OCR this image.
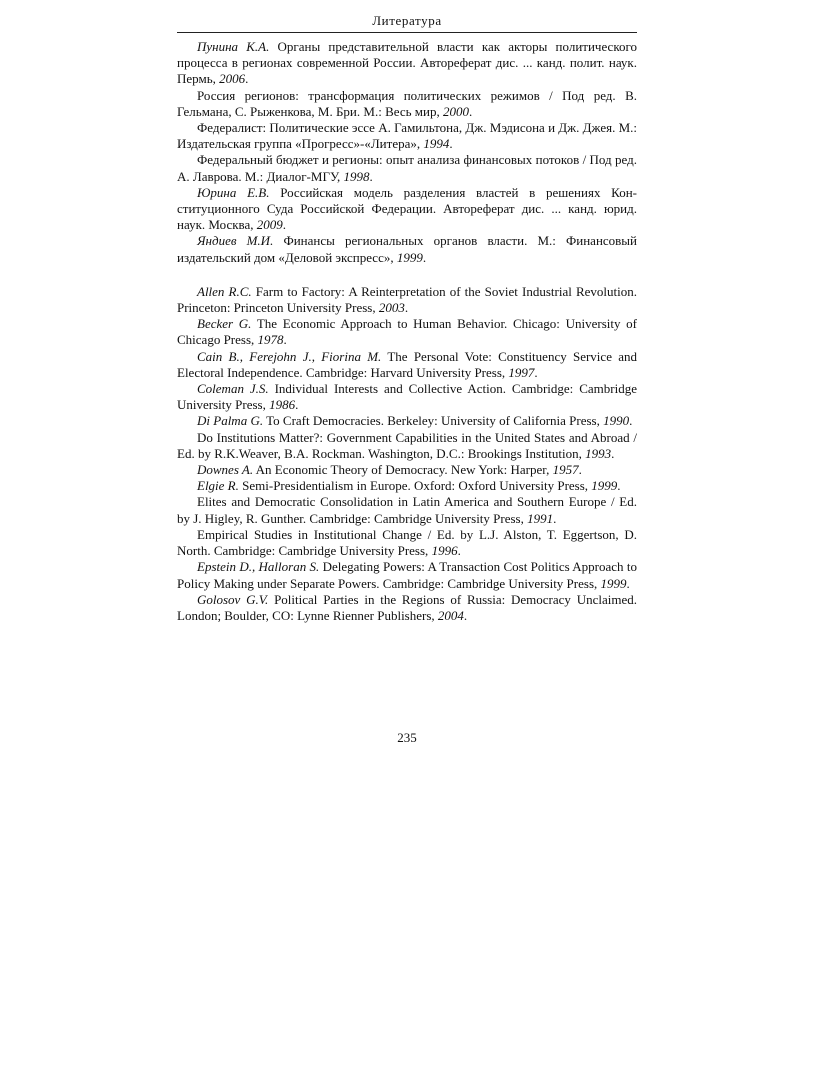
Литература

Пунина К.А. Органы представительной власти как акторы политического процесса в регионах современной России. Автореферат дис. ... канд. полит. наук. Пермь, 2006.

Россия регионов: трансформация политических режимов / Под ред. В. Гельмана, С. Рыженкова, М. Бри. М.: Весь мир, 2000.

Федералист: Политические эссе А. Гамильтона, Дж. Мэдисона и Дж. Джея. М.: Издательская группа «Прогресс»-«Литера», 1994.

Федеральный бюджет и регионы: опыт анализа финансовых потоков / Под ред. А. Лаврова. М.: Диалог-МГУ, 1998.

Юрина Е.В. Российская модель разделения властей в решениях Конституционного Суда Российской Федерации. Автореферат дис. ... канд. юрид. наук. Москва, 2009.

Яндиев М.И. Финансы региональных органов власти. М.: Финансовый издательский дом «Деловой экспресс», 1999.

Allen R.C. Farm to Factory: A Reinterpretation of the Soviet Industrial Revolution. Princeton: Princeton University Press, 2003.

Becker G. The Economic Approach to Human Behavior. Chicago: University of Chicago Press, 1978.

Cain B., Ferejohn J., Fiorina M. The Personal Vote: Constituency Service and Electoral Independence. Cambridge: Harvard University Press, 1997.

Coleman J.S. Individual Interests and Collective Action. Cambridge: Cambridge University Press, 1986.

Di Palma G. To Craft Democracies. Berkeley: University of California Press, 1990.

Do Institutions Matter?: Government Capabilities in the United States and Abroad / Ed. by R.K.Weaver, B.A. Rockman. Washington, D.C.: Brookings Institution, 1993.

Downes A. An Economic Theory of Democracy. New York: Harper, 1957.

Elgie R. Semi-Presidentialism in Europe. Oxford: Oxford University Press, 1999.

Elites and Democratic Consolidation in Latin America and Southern Europe / Ed. by J. Higley, R. Gunther. Cambridge: Cambridge University Press, 1991.

Empirical Studies in Institutional Change / Ed. by L.J. Alston, T. Eggertson, D. North. Cambridge: Cambridge University Press, 1996.

Epstein D., Halloran S. Delegating Powers: A Transaction Cost Politics Approach to Policy Making under Separate Powers. Cambridge: Cambridge University Press, 1999.

Golosov G.V. Political Parties in the Regions of Russia: Democracy Unclaimed. London; Boulder, CO: Lynne Rienner Publishers, 2004.

235
